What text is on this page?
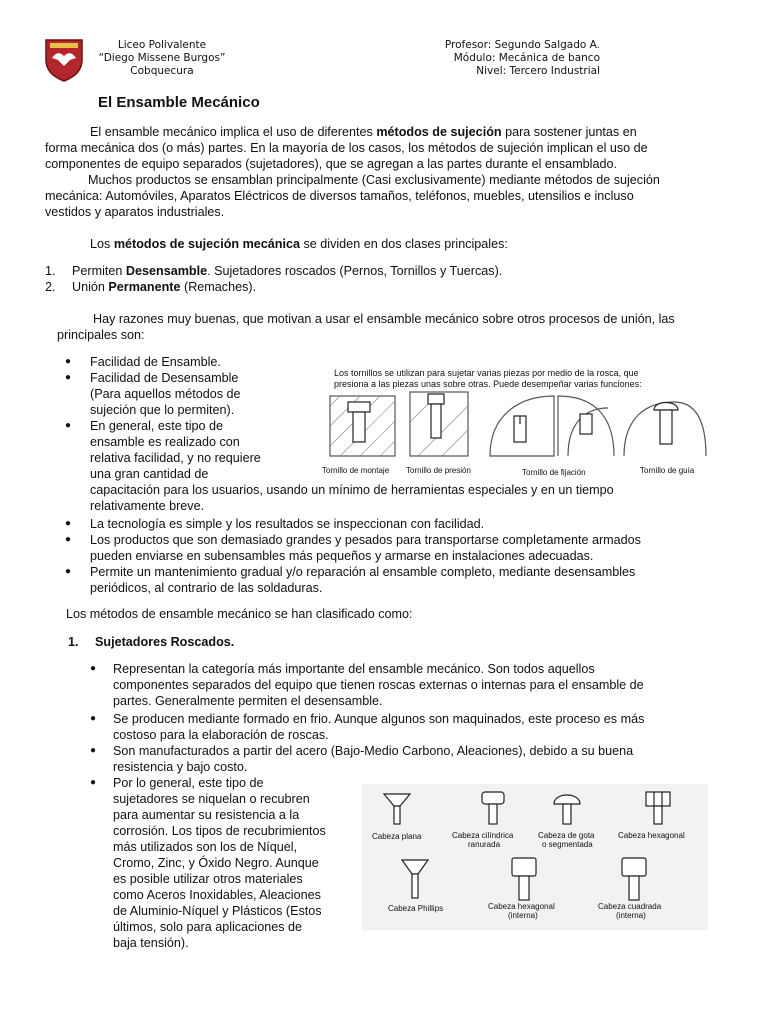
Liceo Polivalente
“Diego Missene Burgos”
Cobquecura
Profesor: Segundo Salgado A.
Módulo: Mecánica de banco
Nivel: Tercero Industrial
El Ensamble Mecánico
El ensamble mecánico implica el uso de diferentes métodos de sujeción para sostener juntas en
forma mecánica dos (o más) partes. En la mayoría de los casos, los métodos de sujeción implican el uso de
componentes de equipo separados (sujetadores), que se agregan a las partes durante el ensamblado.
Muchos productos se ensamblan principalmente (Casi exclusivamente) mediante métodos de sujeción
mecánica: Automóviles, Aparatos Eléctricos de diversos tamaños, teléfonos, muebles, utensilios e incluso
vestidos y aparatos industriales.
Los métodos de sujeción mecánica se dividen en dos clases principales:
1. Permiten Desensamble. Sujetadores roscados (Pernos, Tornillos y Tuercas).
2. Unión Permanente (Remaches).
Hay razones muy buenas, que motivan a usar el ensamble mecánico sobre otros procesos de unión, las
principales son:
● Facilidad de Ensamble.
● Facilidad de Desensamble
(Para aquellos métodos de
sujeción que lo permiten).
● En general, este tipo de
ensamble es realizado con
relativa facilidad, y no requiere
una gran cantidad de
capacitación para los usuarios, usando un mínimo de herramientas especiales y en un tiempo
relativamente breve.
● La tecnología es simple y los resultados se inspeccionan con facilidad.
● Los productos que son demasiado grandes y pesados para transportarse completamente armados
pueden enviarse en subensambles más pequeños y armarse en instalaciones adecuadas.
● Permite un mantenimiento gradual y/o reparación al ensamble completo, mediante desensambles
periódicos, al contrario de las soldaduras.
Los tornillos se utilizan para sujetar varias piezas por medio de la rosca, que
presiona a las piezas unas sobre otras. Puede desempeñar varias funciones:
Tornillo de montaje Tornillo de presión	Tornillo de fijación	Tornillo de guía
Los métodos de ensamble mecánico se han clasificado como:
1. Sujetadores Roscados.
● Representan la categoría más importante del ensamble mecánico. Son todos aquellos
componentes separados del equipo que tienen roscas externas o internas para el ensamble de
partes. Generalmente permiten el desensamble.
● Se producen mediante formado en frio. Aunque algunos son maquinados, este proceso es más
costoso para la elaboración de roscas.
● Son manufacturados a partir del acero (Bajo-Medio Carbono, Aleaciones), debido a su buena
resistencia y bajo costo.
● Por lo general, este tipo de
sujetadores se niquelan o recubren
para aumentar su resistencia a la
corrosión. Los tipos de recubrimientos
más utilizados son los de Níquel,
Cromo, Zinc, y Óxido Negro. Aunque
es posible utilizar otros materiales
como Aceros Inoxidables, Aleaciones
de Aluminio-Níquel y Plásticos (Estos
últimos, solo para aplicaciones de
baja tensión).
Cabeza plana	Cabeza cilíndrica
ranurada
Cabeza de gota
o segmentada
Cabeza hexagonal
Cabeza Phillips	Cabeza hexagonal
(interna)
Cabeza cuadrada
(interna)
